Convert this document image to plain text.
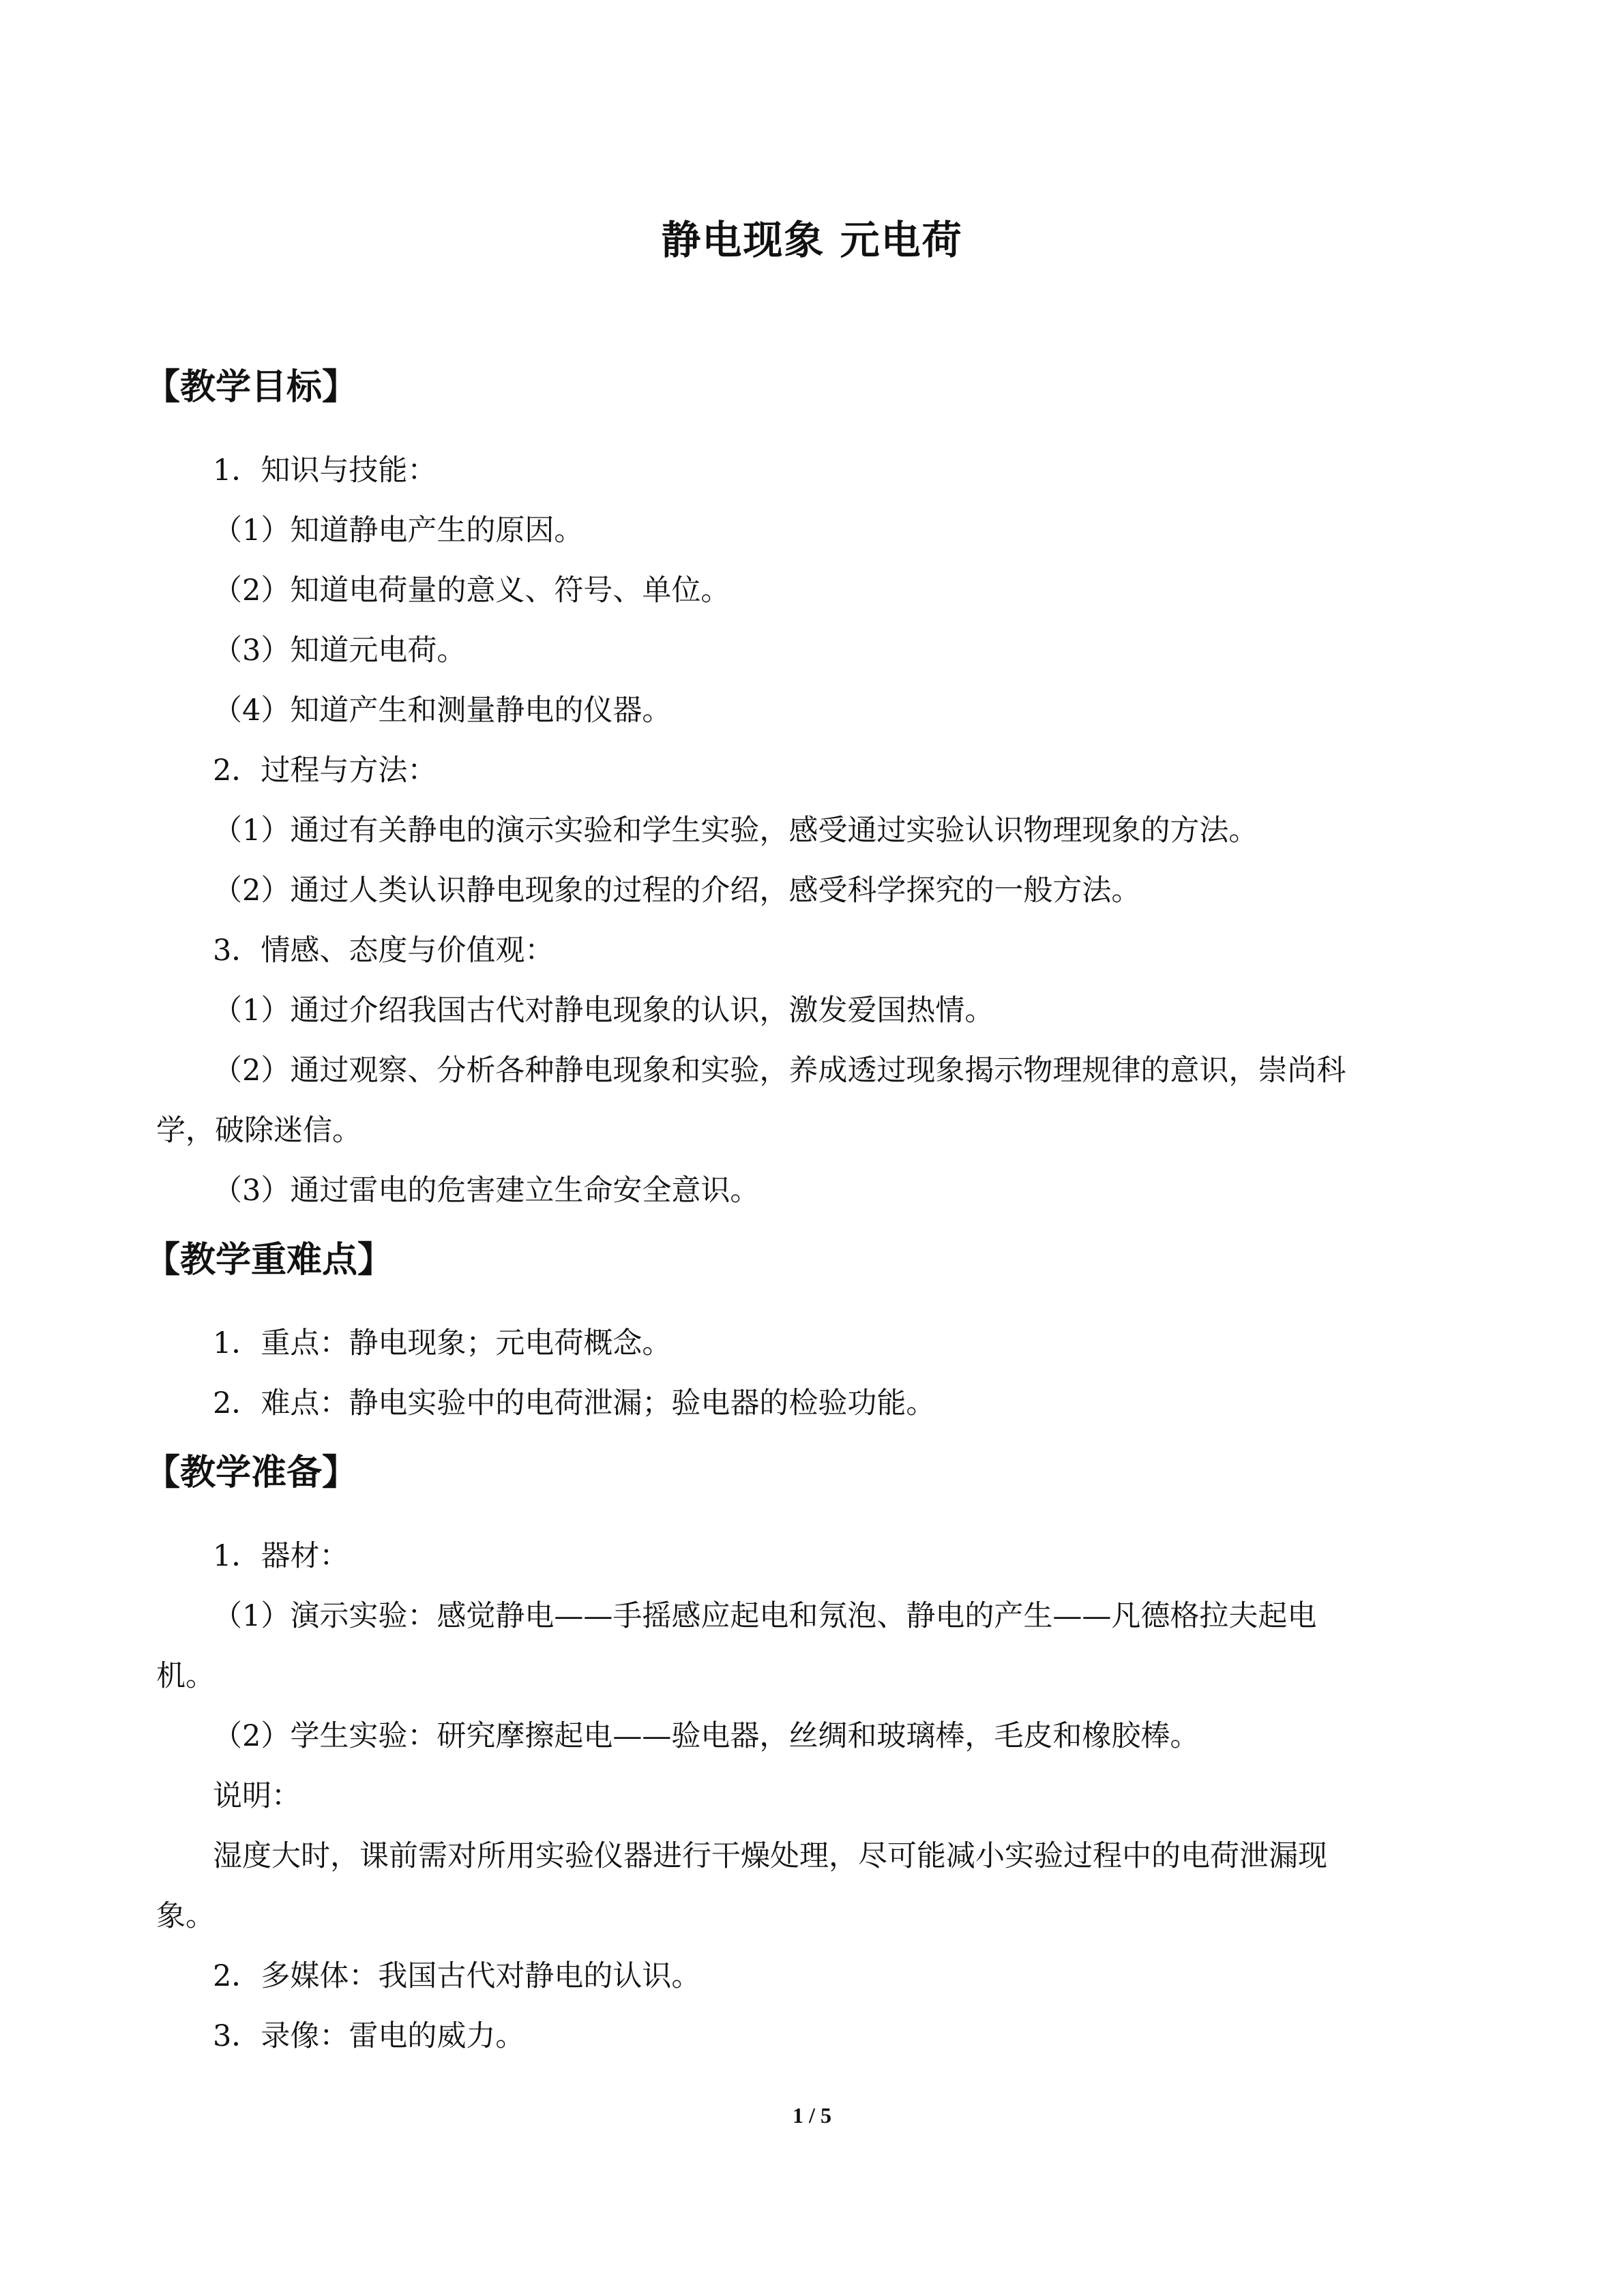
静电现象 元电荷
【教学目标】
1．知识与技能：
（1）知道静电产生的原因。
（2）知道电荷量的意义、符号、单位。
（3）知道元电荷。
（4）知道产生和测量静电的仪器。
2．过程与方法：
（1）通过有关静电的演示实验和学生实验，感受通过实验认识物理现象的方法。
（2）通过人类认识静电现象的过程的介绍，感受科学探究的一般方法。
3．情感、态度与价值观：
（1）通过介绍我国古代对静电现象的认识，激发爱国热情。
（2）通过观察、分析各种静电现象和实验，养成透过现象揭示物理规律的意识，崇尚科
学，破除迷信。
（3）通过雷电的危害建立生命安全意识。
【教学重难点】
1．重点：静电现象；元电荷概念。
2．难点：静电实验中的电荷泄漏；验电器的检验功能。
【教学准备】
1．器材：
（1）演示实验：感觉静电——手摇感应起电和氖泡、静电的产生——凡德格拉夫起电
机。
（2）学生实验：研究摩擦起电——验电器，丝绸和玻璃棒，毛皮和橡胶棒。
说明：
湿度大时，课前需对所用实验仪器进行干燥处理，尽可能减小实验过程中的电荷泄漏现
象。
2．多媒体：我国古代对静电的认识。
3．录像：雷电的威力。
1 / 5
